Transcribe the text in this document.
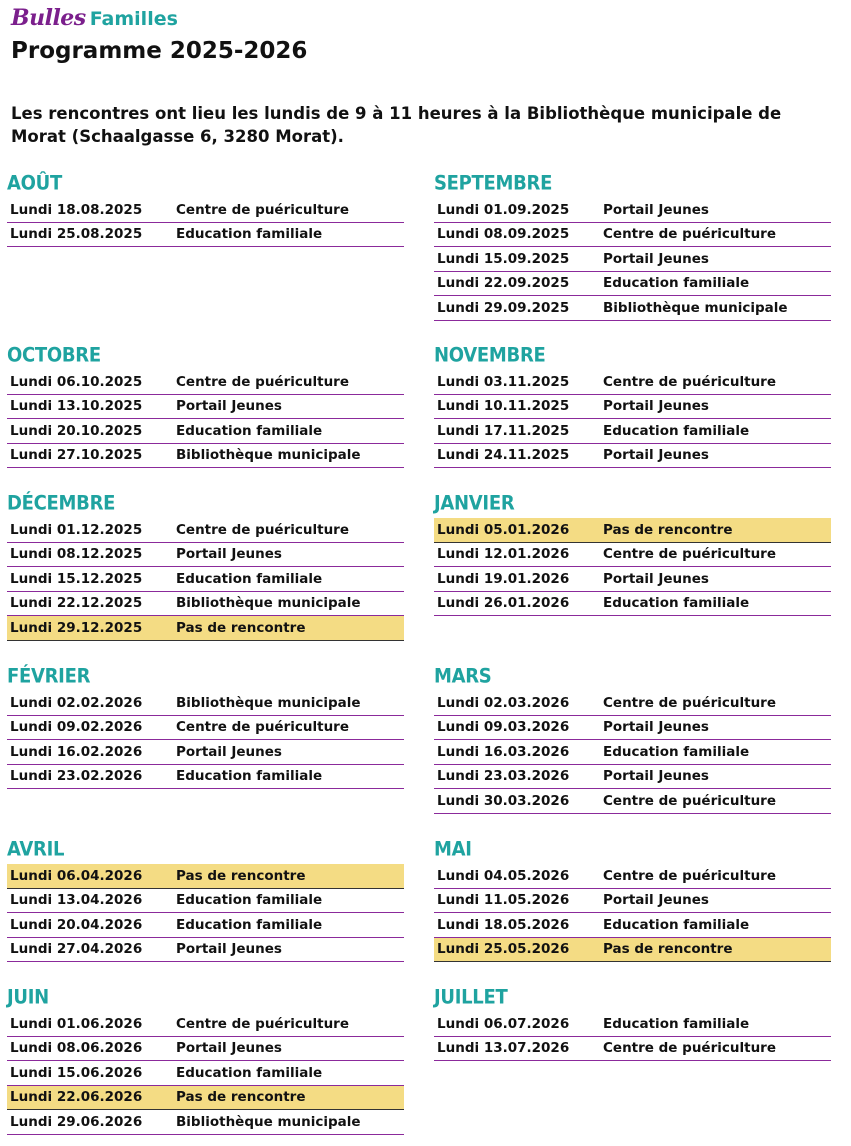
Bulles Familles
Programme 2025-2026

Les rencontres ont lieu les lundis de 9 à 11 heures à la Bibliothèque municipale de Morat (Schaalgasse 6, 3280 Morat).

AOÛT
Lundi 18.08.2025	Centre de puériculture
Lundi 25.08.2025	Education familiale
SEPTEMBRE
Lundi 01.09.2025	Portail Jeunes
Lundi 08.09.2025	Centre de puériculture
Lundi 15.09.2025	Portail Jeunes
Lundi 22.09.2025	Education familiale
Lundi 29.09.2025	Bibliothèque municipale
OCTOBRE
Lundi 06.10.2025	Centre de puériculture
Lundi 13.10.2025	Portail Jeunes
Lundi 20.10.2025	Education familiale
Lundi 27.10.2025	Bibliothèque municipale
NOVEMBRE
Lundi 03.11.2025	Centre de puériculture
Lundi 10.11.2025	Portail Jeunes
Lundi 17.11.2025	Education familiale
Lundi 24.11.2025	Portail Jeunes
DÉCEMBRE
Lundi 01.12.2025	Centre de puériculture
Lundi 08.12.2025	Portail Jeunes
Lundi 15.12.2025	Education familiale
Lundi 22.12.2025	Bibliothèque municipale
Lundi 29.12.2025	Pas de rencontre
JANVIER
Lundi 05.01.2026	Pas de rencontre
Lundi 12.01.2026	Centre de puériculture
Lundi 19.01.2026	Portail Jeunes
Lundi 26.01.2026	Education familiale
FÉVRIER
Lundi 02.02.2026	Bibliothèque municipale
Lundi 09.02.2026	Centre de puériculture
Lundi 16.02.2026	Portail Jeunes
Lundi 23.02.2026	Education familiale
MARS
Lundi 02.03.2026	Centre de puériculture
Lundi 09.03.2026	Portail Jeunes
Lundi 16.03.2026	Education familiale
Lundi 23.03.2026	Portail Jeunes
Lundi 30.03.2026	Centre de puériculture
AVRIL
Lundi 06.04.2026	Pas de rencontre
Lundi 13.04.2026	Education familiale
Lundi 20.04.2026	Education familiale
Lundi 27.04.2026	Portail Jeunes
MAI
Lundi 04.05.2026	Centre de puériculture
Lundi 11.05.2026	Portail Jeunes
Lundi 18.05.2026	Education familiale
Lundi 25.05.2026	Pas de rencontre
JUIN
Lundi 01.06.2026	Centre de puériculture
Lundi 08.06.2026	Portail Jeunes
Lundi 15.06.2026	Education familiale
Lundi 22.06.2026	Pas de rencontre
Lundi 29.06.2026	Bibliothèque municipale
JUILLET
Lundi 06.07.2026	Education familiale
Lundi 13.07.2026	Centre de puériculture
